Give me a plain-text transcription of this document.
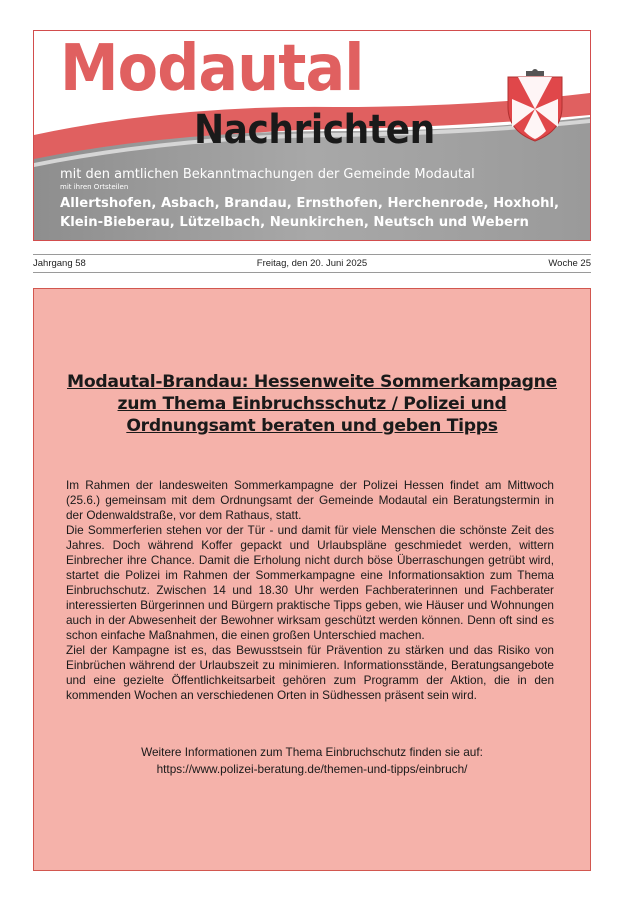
Modautal
Nachrichten

mit den amtlichen Bekanntmachungen der Gemeinde Modautal

mit ihren Ortsteilen

Allertshofen, Asbach, Brandau, Ernsthofen, Herchenrode, Hoxhohl,
Klein-Bieberau, Lützelbach, Neunkirchen, Neutsch und Webern

Jahrgang 58	Freitag, den 20. Juni 2025	Woche 25
Modautal-Brandau: Hessenweite Sommerkampagne
zum Thema Einbruchsschutz / Polizei und
Ordnungsamt beraten und geben Tipps

Im Rahmen der landesweiten Sommerkampagne der Polizei Hessen findet am Mittwoch (25.6.) gemeinsam mit dem Ordnungsamt der Gemeinde Modautal ein Beratungstermin in der Odenwaldstraße, vor dem Rathaus, statt.

Die Sommerferien stehen vor der Tür - und damit für viele Menschen die schönste Zeit des Jahres. Doch während Koffer gepackt und Urlaubspläne geschmiedet werden, wittern Einbrecher ihre Chance. Damit die Erholung nicht durch böse Überraschungen getrübt wird, startet die Polizei im Rahmen der Sommerkampagne eine Informationsaktion zum Thema Einbruchschutz. Zwischen 14 und 18.30 Uhr werden Fachberaterinnen und Fachberater interessierten Bürgerinnen und Bürgern praktische Tipps geben, wie Häuser und Wohnungen auch in der Abwesenheit der Bewohner wirksam geschützt werden können. Denn oft sind es schon einfache Maßnahmen, die einen großen Unterschied machen.

Ziel der Kampagne ist es, das Bewusstsein für Prävention zu stärken und das Risiko von Einbrüchen während der Urlaubszeit zu minimieren. Informationsstände, Beratungsangebote und eine gezielte Öffentlichkeitsarbeit gehören zum Programm der Aktion, die in den kommenden Wochen an verschiedenen Orten in Südhessen präsent sein wird.

Weitere Informationen zum Thema Einbruchschutz finden sie auf:

https://www.polizei-beratung.de/themen-und-tipps/einbruch/
